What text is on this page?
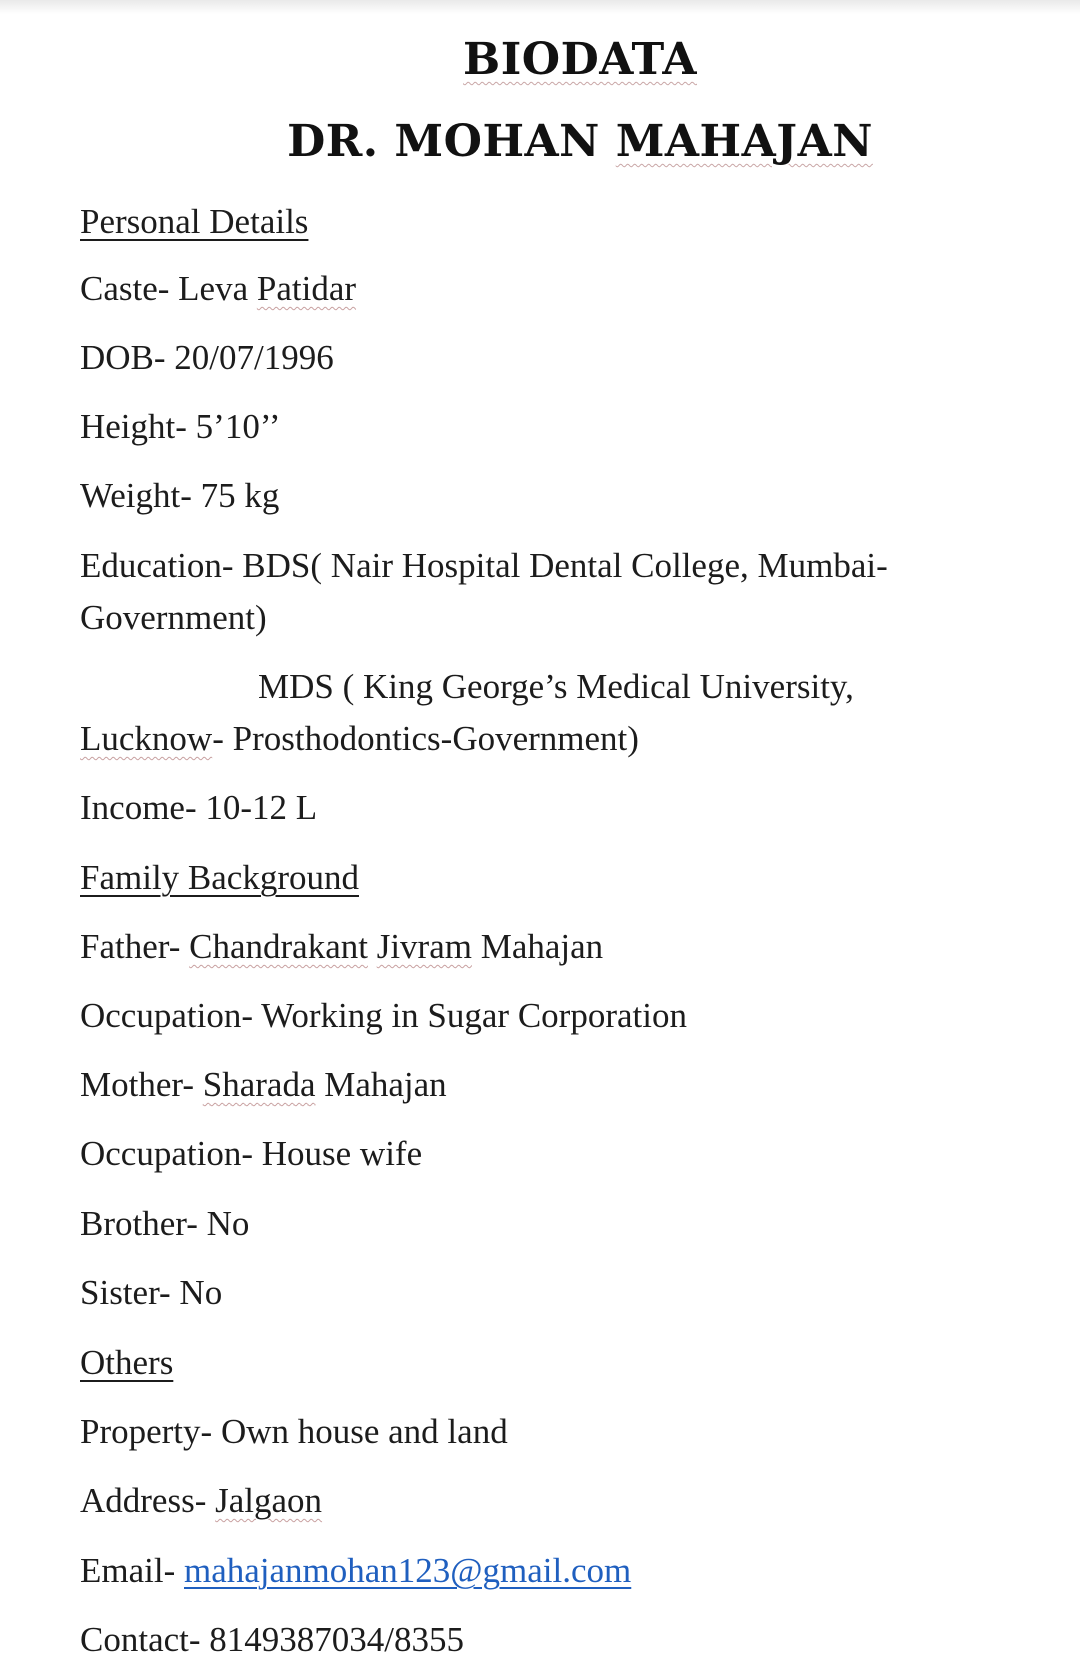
BIODATA
DR. MOHAN MAHAJAN
Personal Details
Caste- Leva Patidar
DOB- 20/07/1996
Height- 5’10’’
Weight- 75 kg
Education- BDS( Nair Hospital Dental College, Mumbai-
Government)
MDS ( King George’s Medical University,
Lucknow- Prosthodontics-Government)
Income- 10-12 L
Family Background
Father- Chandrakant Jivram Mahajan
Occupation- Working in Sugar Corporation
Mother- Sharada Mahajan
Occupation- House wife
Brother- No
Sister- No
Others
Property- Own house and land
Address- Jalgaon
Email- mahajanmohan123@gmail.com
Contact- 8149387034/8355
